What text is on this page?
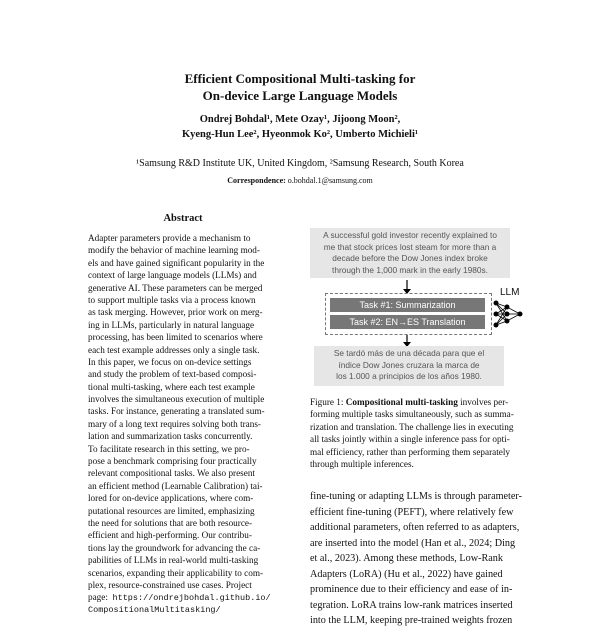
Efficient Compositional Multi-tasking for
On-device Large Language Models
Ondrej Bohdal¹, Mete Ozay¹, Jijoong Moon²,
Kyeng-Hun Lee², Hyeonmok Ko², Umberto Michieli¹
¹Samsung R&D Institute UK, United Kingdom, ²Samsung Research, South Korea
Correspondence: o.bohdal.1@samsung.com
Abstract
Adapter parameters provide a mechanism to
modify the behavior of machine learning mod-
els and have gained significant popularity in the
context of large language models (LLMs) and
generative AI. These parameters can be merged
to support multiple tasks via a process known
as task merging. However, prior work on merg-
ing in LLMs, particularly in natural language
processing, has been limited to scenarios where
each test example addresses only a single task.
In this paper, we focus on on-device settings
and study the problem of text-based composi-
tional multi-tasking, where each test example
involves the simultaneous execution of multiple
tasks. For instance, generating a translated sum-
mary of a long text requires solving both trans-
lation and summarization tasks concurrently.
To facilitate research in this setting, we pro-
pose a benchmark comprising four practically
relevant compositional tasks. We also present
an efficient method (Learnable Calibration) tai-
lored for on-device applications, where com-
putational resources are limited, emphasizing
the need for solutions that are both resource-
efficient and high-performing. Our contribu-
tions lay the groundwork for advancing the ca-
pabilities of LLMs in real-world multi-tasking
scenarios, expanding their applicability to com-
plex, resource-constrained use cases. Project
page: https://ondrejbohdal.github.io/
CompositionalMultitasking/
A successful gold investor recently explained to
me that stock prices lost steam for more than a
decade before the Dow Jones index broke
through the 1,000 mark in the early 1980s.
Task #1: Summarization
Task #2: EN→ES Translation
LLM
Se tardó más de una década para que el
índice Dow Jones cruzara la marca de
los 1.000 a principios de los años 1980.
Figure 1: Compositional multi-tasking involves per-
forming multiple tasks simultaneously, such as summa-
rization and translation. The challenge lies in executing
all tasks jointly within a single inference pass for opti-
mal efficiency, rather than performing them separately
through multiple inferences.
fine-tuning or adapting LLMs is through parameter-
efficient fine-tuning (PEFT), where relatively few
additional parameters, often referred to as adapters,
are inserted into the model (Han et al., 2024; Ding
et al., 2023). Among these methods, Low-Rank
Adapters (LoRA) (Hu et al., 2022) have gained
prominence due to their efficiency and ease of in-
tegration. LoRA trains low-rank matrices inserted
into the LLM, keeping pre-trained weights frozen
